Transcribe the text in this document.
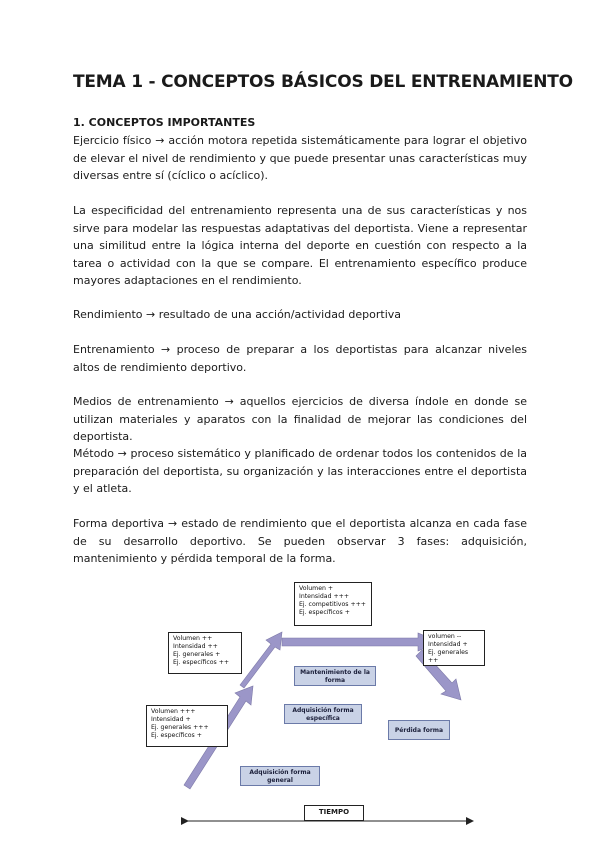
TEMA 1 - CONCEPTOS BÁSICOS DEL ENTRENAMIENTO
1. CONCEPTOS IMPORTANTES

Ejercicio físico → acción motora repetida sistemáticamente para lograr el objetivo de elevar el nivel de rendimiento y que puede presentar unas características muy diversas entre sí (cíclico o acíclico).

La especificidad del entrenamiento representa una de sus características y nos sirve para modelar las respuestas adaptativas del deportista. Viene a representar una similitud entre la lógica interna del deporte en cuestión con respecto a la tarea o actividad con la que se compare. El entrenamiento específico produce mayores adaptaciones en el rendimiento.

Rendimiento → resultado de una acción/actividad deportiva

Entrenamiento → proceso de preparar a los deportistas para alcanzar niveles altos de rendimiento deportivo.

Medios de entrenamiento → aquellos ejercicios de diversa índole en donde se utilizan materiales y aparatos con la finalidad de mejorar las condiciones del deportista.

Método → proceso sistemático y planificado de ordenar todos los contenidos de la preparación del deportista, su organización y las interacciones entre el deportista y el atleta.

Forma deportiva → estado de rendimiento que el deportista alcanza en cada fase de su desarrollo deportivo. Se pueden observar 3 fases: adquisición, mantenimiento y pérdida temporal de la forma.

Volumen +
Intensidad +++
Ej. competitivos +++
Ej. específicos +
Volumen ++
Intensidad ++
Ej. generales +
Ej. específicos ++
Volumen +++
Intensidad +
Ej. generales +++
Ej. específicos +
volumen --
Intensidad +
Ej. generales ++
Mantenimiento de la forma
Adquisición forma específica
Pérdida forma
Adquisición forma general
TIEMPO
